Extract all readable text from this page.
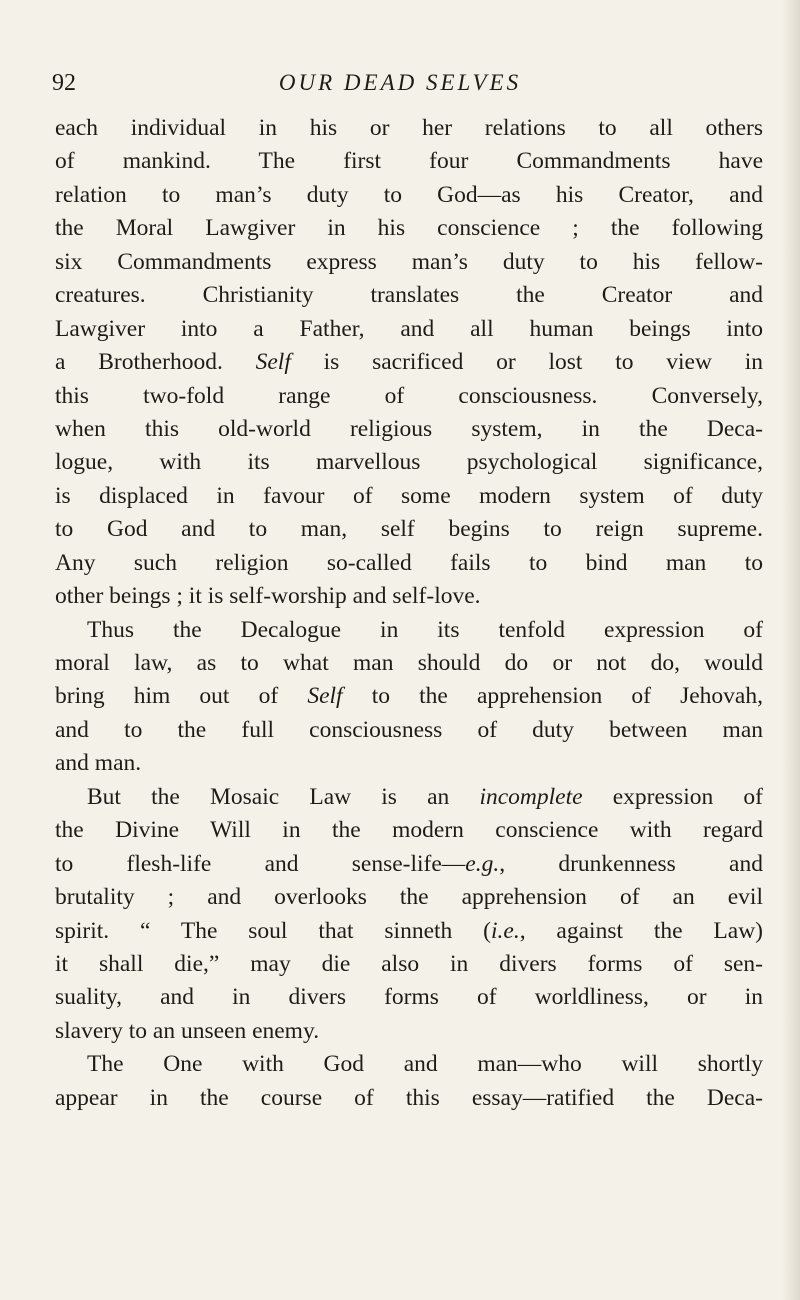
92	OUR DEAD SELVES
each individual in his or her relations to all others
of mankind. The first four Commandments have
relation to man’s duty to God—as his Creator, and
the Moral Lawgiver in his conscience ; the following
six Commandments express man’s duty to his fellow-
creatures. Christianity translates the Creator and
Lawgiver into a Father, and all human beings into
a Brotherhood. Self is sacrificed or lost to view in
this two-fold range of consciousness. Conversely,
when this old-world religious system, in the Deca-
logue, with its marvellous psychological significance,
is displaced in favour of some modern system of duty
to God and to man, self begins to reign supreme.
Any such religion so-called fails to bind man to
other beings ; it is self-worship and self-love.
Thus the Decalogue in its tenfold expression of
moral law, as to what man should do or not do, would
bring him out of Self to the apprehension of Jehovah,
and to the full consciousness of duty between man
and man.
But the Mosaic Law is an incomplete expression of
the Divine Will in the modern conscience with regard
to flesh-life and sense-life—e.g., drunkenness and
brutality ; and overlooks the apprehension of an evil
spirit. “ The soul that sinneth (i.e., against the Law)
it shall die,” may die also in divers forms of sen-
suality, and in divers forms of worldliness, or in
slavery to an unseen enemy.
The One with God and man—who will shortly
appear in the course of this essay—ratified the Deca-
